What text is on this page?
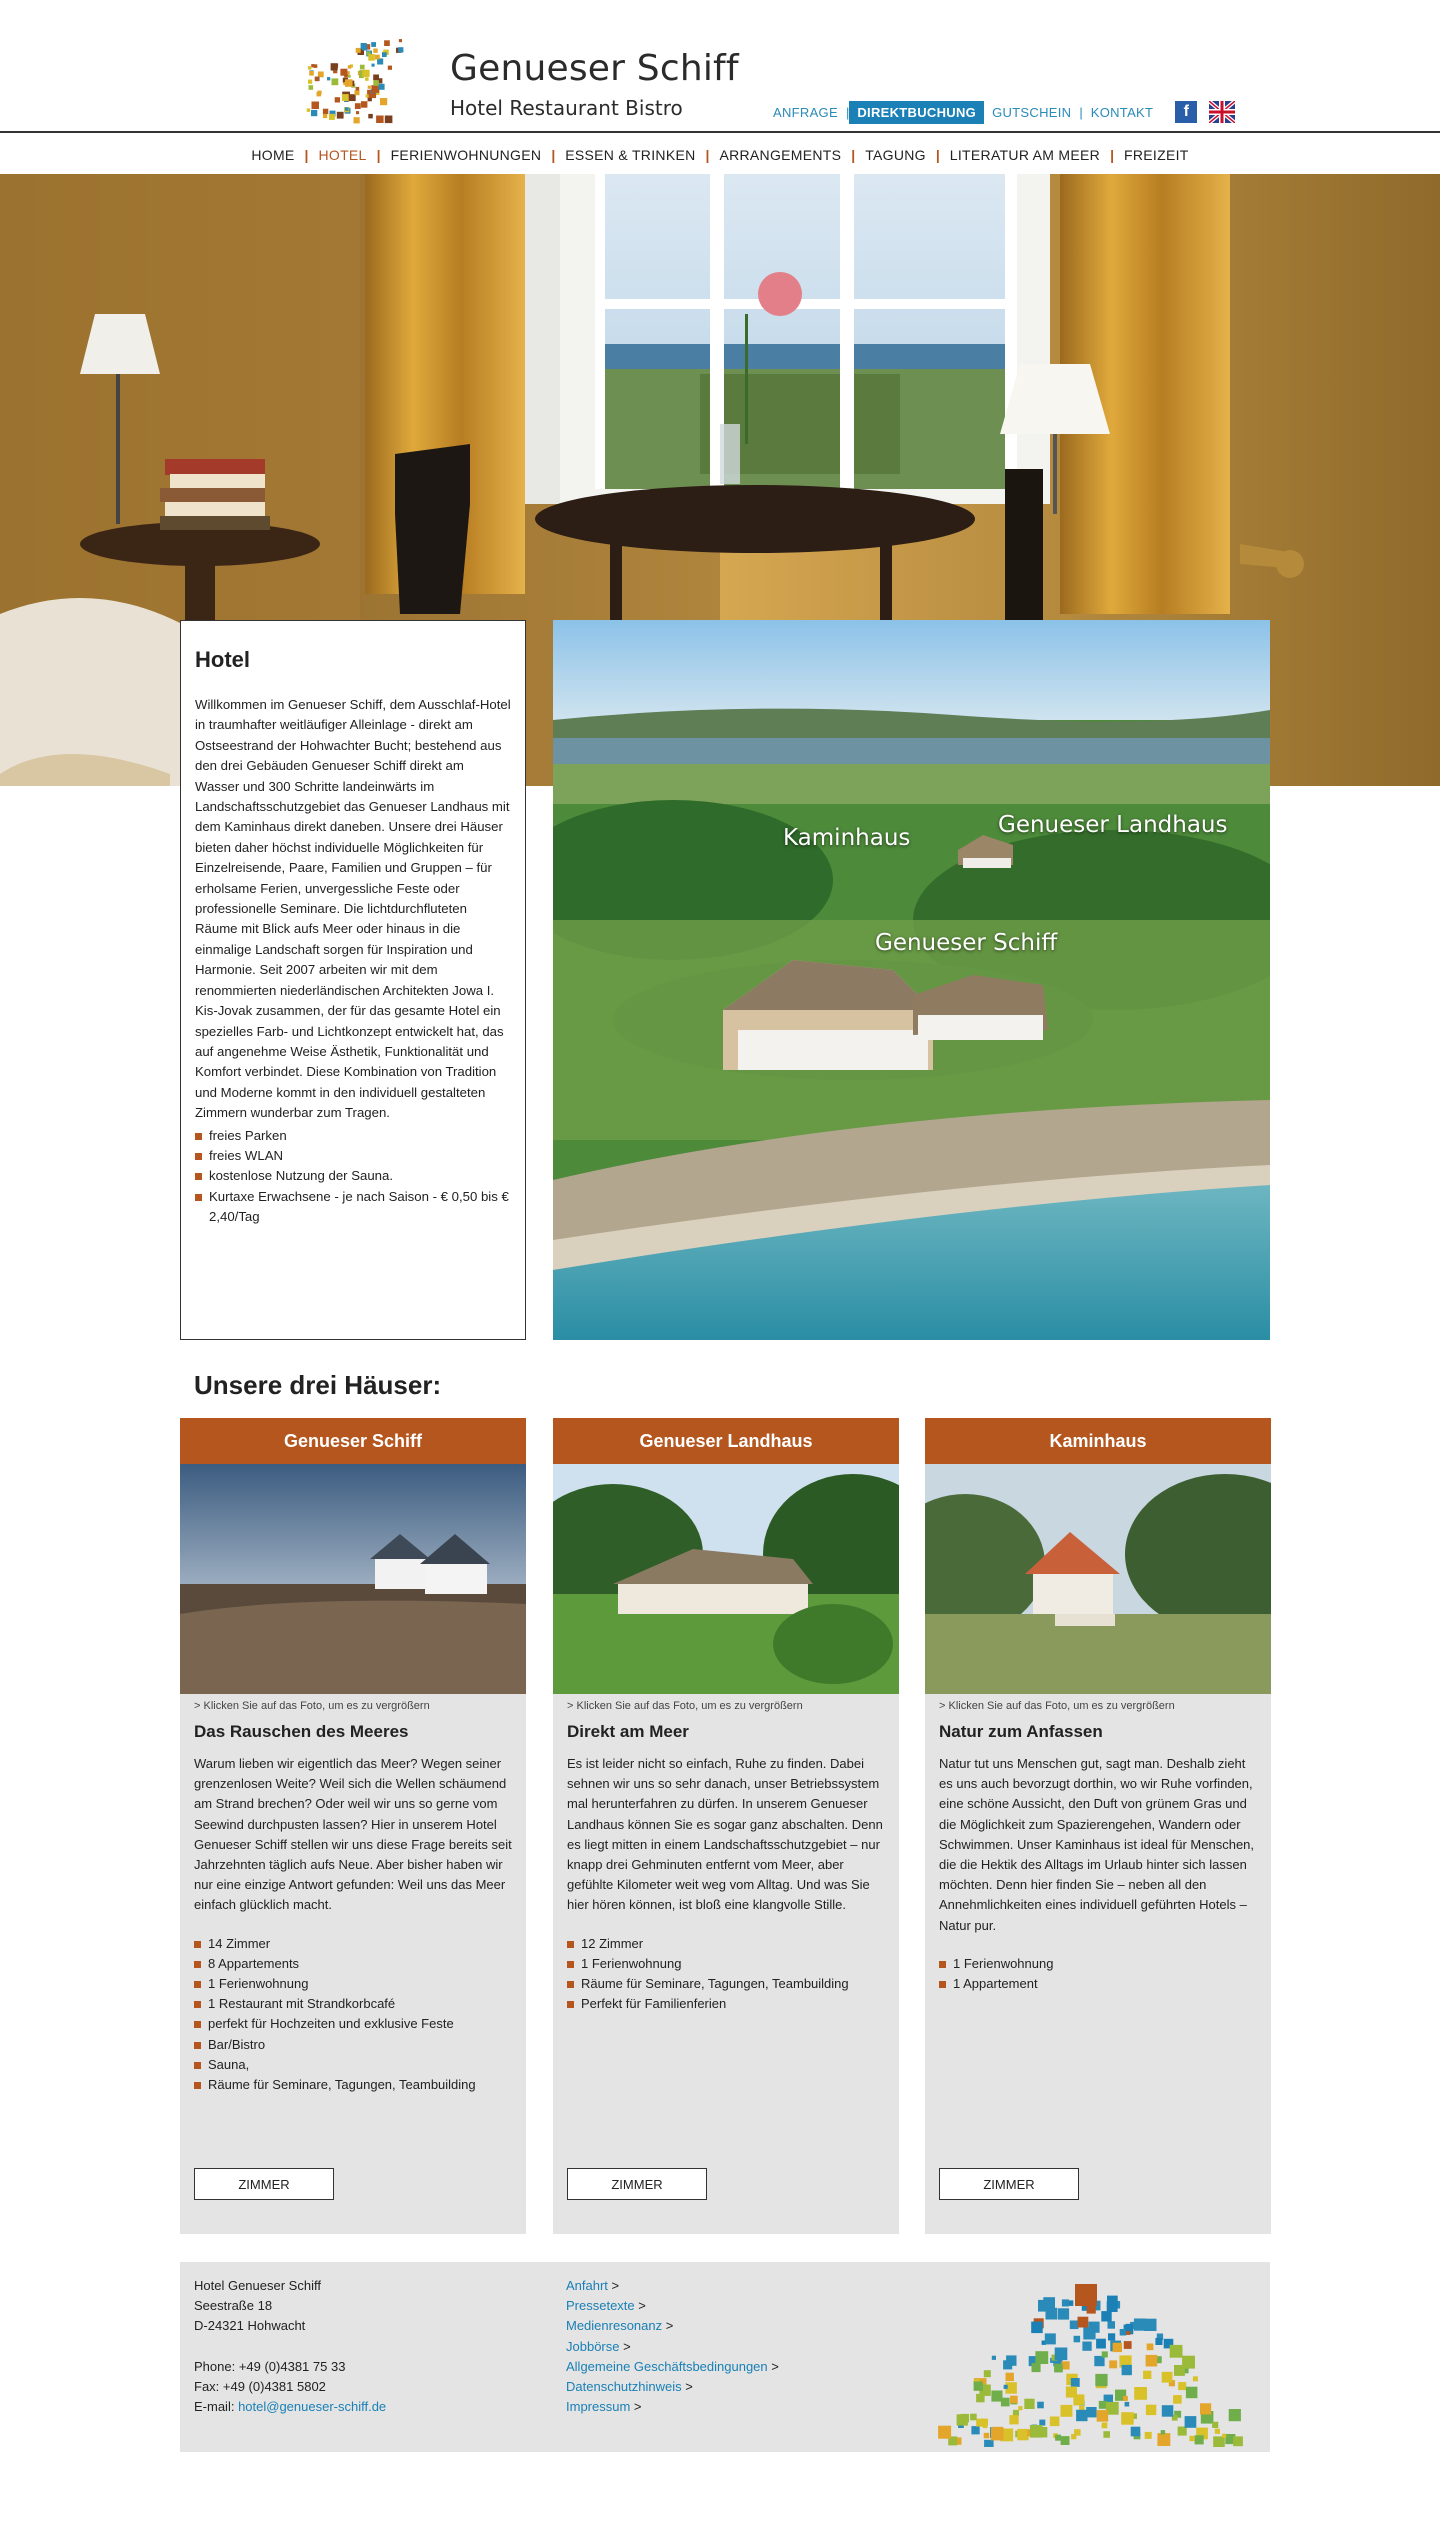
Genueser Schiff
Hotel Restaurant Bistro	ANFRAGE | DIREKTBUCHUNG	GUTSCHEIN | KONTAKT	f
HOME | HOTEL | FERIENWOHNUNGEN | ESSEN & TRINKEN | ARRANGEMENTS | TAGUNG | LITERATUR AM MEER | FREIZEIT
Hotel

Willkommen im Genueser Schiff, dem Ausschlaf-Hotel in traumhafter weitläufiger Alleinlage - direkt am Ostseestrand der Hohwachter Bucht; bestehend aus den drei Gebäuden Genueser Schiff direkt am Wasser und 300 Schritte landeinwärts im Landschaftsschutzgebiet das Genueser Landhaus mit dem Kaminhaus direkt daneben. Unsere drei Häuser bieten daher höchst individuelle Möglichkeiten für Einzelreisende, Paare, Familien und Gruppen – für erholsame Ferien, unvergessliche Feste oder professionelle Seminare. Die lichtdurchfluteten Räume mit Blick aufs Meer oder hinaus in die einmalige Landschaft sorgen für Inspiration und Harmonie. Seit 2007 arbeiten wir mit dem renommierten niederländischen Architekten Jowa I. Kis-Jovak zusammen, der für das gesamte Hotel ein spezielles Farb- und Lichtkonzept entwickelt hat, das auf angenehme Weise Ästhetik, Funktionalität und Komfort verbindet. Diese Kombination von Tradition und Moderne kommt in den individuell gestalteten Zimmern wunderbar zum Tragen.

freies Parken
freies WLAN
kostenlose Nutzung der Sauna.
Kurtaxe Erwachsene - je nach Saison - € 0,50 bis € 2,40/Tag
Kaminhaus	Genueser Landhaus
Genueser Schiff
Unsere drei Häuser:
Genueser Schiff
> Klicken Sie auf das Foto, um es zu vergrößern
Das Rauschen des Meeres
Warum lieben wir eigentlich das Meer? Wegen seiner grenzenlosen Weite? Weil sich die Wellen schäumend am Strand brechen? Oder weil wir uns so gerne vom Seewind durchpusten lassen? Hier in unserem Hotel Genueser Schiff stellen wir uns diese Frage bereits seit Jahrzehnten täglich aufs Neue. Aber bisher haben wir nur eine einzige Antwort gefunden: Weil uns das Meer einfach glücklich macht.
14 Zimmer
8 Appartements
1 Ferienwohnung
1 Restaurant mit Strandkorbcafé
perfekt für Hochzeiten und exklusive Feste
Bar/Bistro
Sauna,
Räume für Seminare, Tagungen, Teambuilding
ZIMMER
Genueser Landhaus
> Klicken Sie auf das Foto, um es zu vergrößern
Direkt am Meer
Es ist leider nicht so einfach, Ruhe zu finden. Dabei sehnen wir uns so sehr danach, unser Betriebssystem mal herunterfahren zu dürfen. In unserem Genueser Landhaus können Sie es sogar ganz abschalten. Denn es liegt mitten in einem Landschaftsschutzgebiet – nur knapp drei Gehminuten entfernt vom Meer, aber gefühlte Kilometer weit weg vom Alltag. Und was Sie hier hören können, ist bloß eine klangvolle Stille.
12 Zimmer
1 Ferienwohnung
Räume für Seminare, Tagungen, Teambuilding
Perfekt für Familienferien
ZIMMER
Kaminhaus
> Klicken Sie auf das Foto, um es zu vergrößern
Natur zum Anfassen
Natur tut uns Menschen gut, sagt man. Deshalb zieht es uns auch bevorzugt dorthin, wo wir Ruhe vorfinden, eine schöne Aussicht, den Duft von grünem Gras und die Möglichkeit zum Spazierengehen, Wandern oder Schwimmen. Unser Kaminhaus ist ideal für Menschen, die die Hektik des Alltags im Urlaub hinter sich lassen möchten. Denn hier finden Sie – neben all den Annehmlichkeiten eines individuell geführten Hotels – Natur pur.
1 Ferienwohnung
1 Appartement
ZIMMER
Hotel Genueser Schiff
Seestraße 18
D-24321 Hohwacht
Phone: +49 (0)4381 75 33
Fax: +49 (0)4381 5802
E-mail: hotel@genueser-schiff.de
Anfahrt >
Pressetexte >
Medienresonanz >
Jobbörse >
Allgemeine Geschäftsbedingungen >
Datenschutzhinweis >
Impressum >
